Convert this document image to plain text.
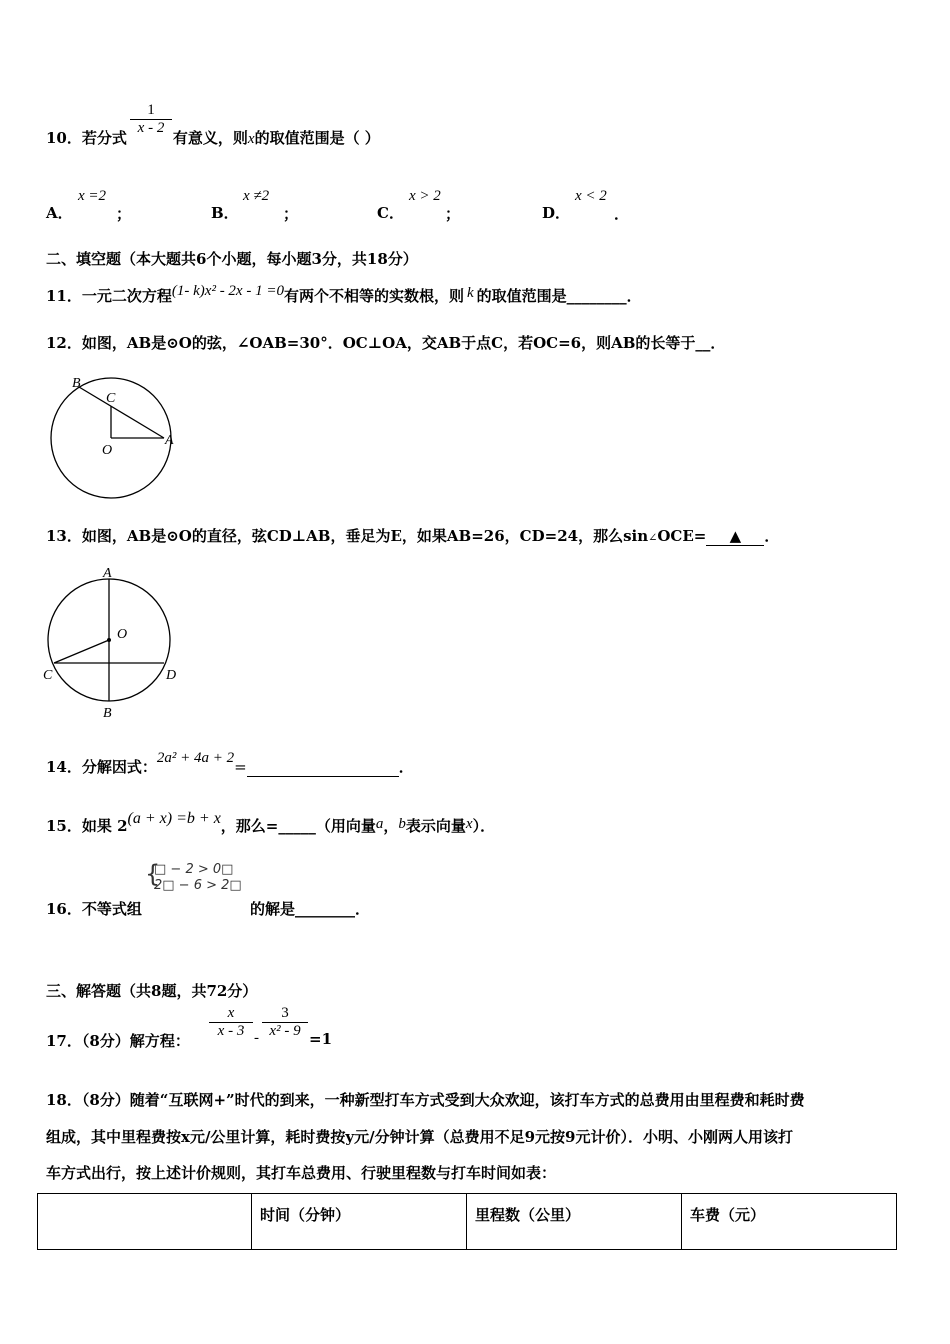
$\frac{1}{x - 2}$
10．若分式	有意义，则x的取值范围是（ ）
A．
x =2
；	B．
x ≠2
；	C．
x > 2
；	D．
x < 2
．
二、填空题（本大题共6个小题，每小题3分，共18分）
11．一元二次方程(1- k)x² - 2x - 1 =0有两个不相等的实数根，则 k 的取值范围是________．
12．如图，AB是⊙O的弦，∠OAB=30°．OC⊥OA，交AB于点C，若OC=6，则AB的长等于__．
B
C
O
A
13．如图，AB是⊙O的直径，弦CD⊥AB，垂足为E，如果AB=26，CD=24，那么sin∠OCE= ▲ ．
A
O
C	D
B
14．分解因式：2a² + 4a + 2=	．
15．如果 2(a + x) =b + x，那么=_____（用向量a，b表示向量x）．
{
□ − 2 > 0□
2□ − 6 > 2□
16．不等式组	的解是________．
三、解答题（共8题，共72分）
17．（8分）解方程：
$\frac{x}{x - 3} - \frac{3}{\text{x² - 9}} =1$
18．（8分）随着“互联网+”时代的到来，一种新型打车方式受到大众欢迎，该打车方式的总费用由里程费和耗时费
组成，其中里程费按x元/公里计算，耗时费按y元/分钟计算（总费用不足9元按9元计价）．小明、小刚两人用该打
车方式出行，按上述计价规则，其打车总费用、行驶里程数与打车时间如表：
	时间（分钟）	里程数（公里）	车费（元）
